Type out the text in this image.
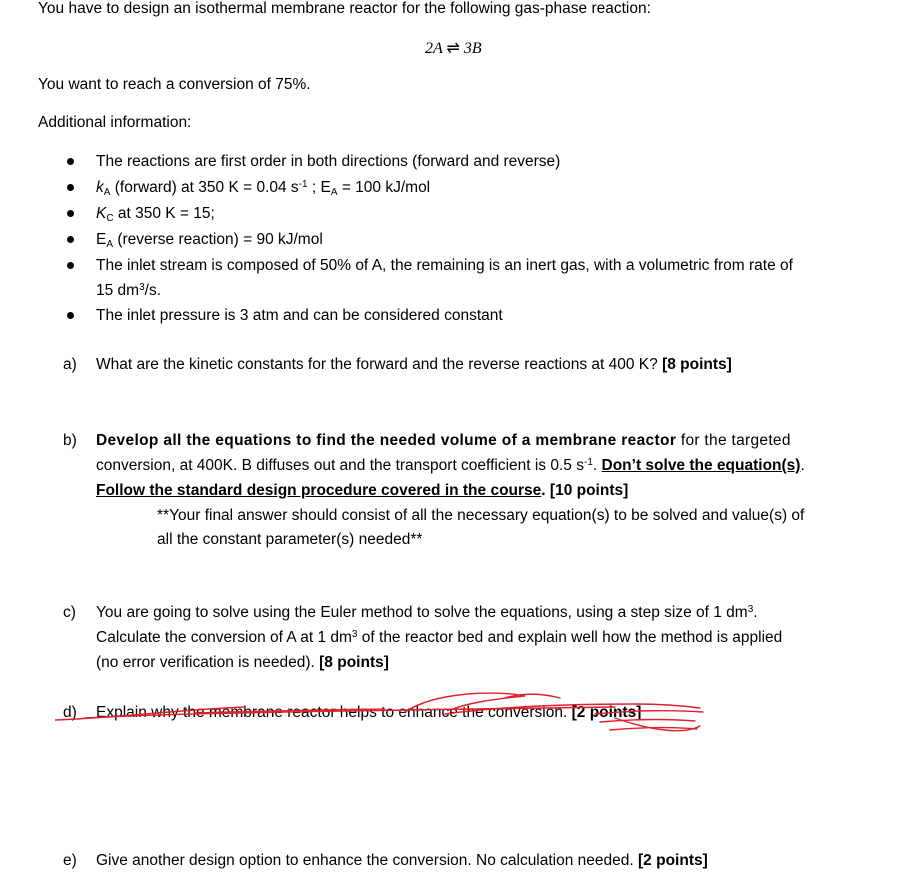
You have to design an isothermal membrane reactor for the following gas-phase reaction:
2A ⇌ 3B
You want to reach a conversion of 75%.
Additional information:
The reactions are first order in both directions (forward and reverse)
$k_A$ (forward) at 350 K = 0.04 $s^{-1}$ ; $E_A = 100$ kJ/mol
$K_C$ at 350 K = 15;
$E_A$ (reverse reaction) = 90 kJ/mol
The inlet stream is composed of 50% of A, the remaining is an inert gas, with a volumetric from rate of
15 $dm^3/s$.
The inlet pressure is 3 atm and can be considered constant
a) What are the kinetic constants for the forward and the reverse reactions at 400 K? [8 points]
b) Develop all the equations to find the needed volume of a membrane reactor for the targeted
conversion, at 400K. B diffuses out and the transport coefficient is 0.5 $s^{-1}$. Don’t solve the equation(s).
Follow the standard design procedure covered in the course. [10 points]
**Your final answer should consist of all the necessary equation(s) to be solved and value(s) of
all the constant parameter(s) needed**
c) You are going to solve using the Euler method to solve the equations, using a step size of 1 $dm^3$.
Calculate the conversion of A at 1 $dm^3$ of the reactor bed and explain well how the method is applied
(no error verification is needed). [8 points]
d) Explain why the membrane reactor helps to enhance the conversion. [2 points]
e) Give another design option to enhance the conversion. No calculation needed. [2 points]
